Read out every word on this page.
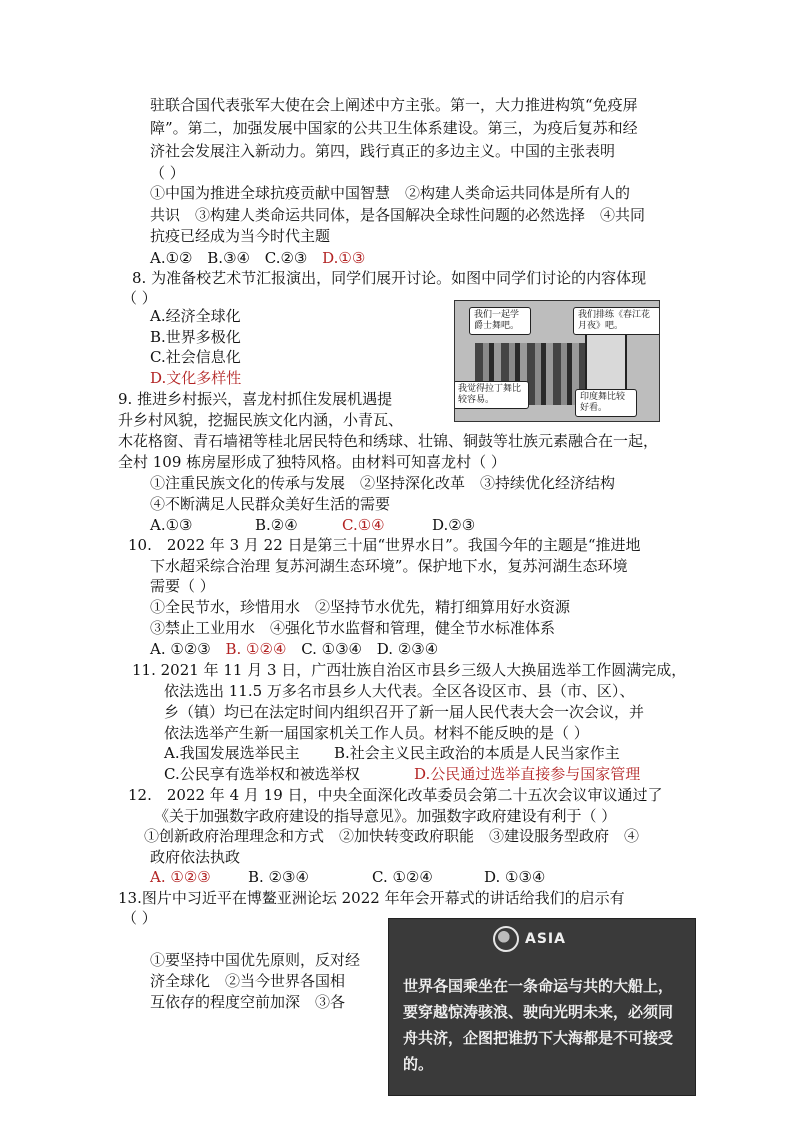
驻联合国代表张军大使在会上阐述中方主张。第一，大力推进构筑“免疫屏
障”。第二，加强发展中国家的公共卫生体系建设。第三，为疫后复苏和经
济社会发展注入新动力。第四，践行真正的多边主义。中国的主张表明
（ ）
①中国为推进全球抗疫贡献中国智慧　②构建人类命运共同体是所有人的
共识　③构建人类命运共同体，是各国解决全球性问题的必然选择　④共同
抗疫已经成为当今时代主题
A.①② B.③④ C.②③ D.①③
8. 为准备校艺术节汇报演出，同学们展开讨论。如图中同学们讨论的内容体现
（ ）
A.经济全球化
B.世界多极化
C.社会信息化
D.文化多样性
我们一起学爵士舞吧。
我们排练《春江花月夜》吧。
我觉得拉丁舞比较容易。	印度舞比较好看。
9. 推进乡村振兴，喜龙村抓住发展机遇提
升乡村风貌，挖掘民族文化内涵，小青瓦、
木花格窗、青石墙裙等桂北居民特色和绣球、壮锦、铜鼓等壮族元素融合在一起，
全村 109 栋房屋形成了独特风格。由材料可知喜龙村（ ）
①注重民族文化的传承与发展　②坚持深化改革　③持续优化经济结构
④不断满足人民群众美好生活的需要
A.①③	B.②④	C.①④	D.②③
10.　2022 年 3 月 22 日是第三十届“世界水日”。我国今年的主题是“推进地
下水超采综合治理 复苏河湖生态环境”。保护地下水，复苏河湖生态环境
需要（ ）
①全民节水，珍惜用水　②坚持节水优先，精打细算用好水资源
③禁止工业用水　④强化节水监督和管理，健全节水标准体系
A. ①②③ B. ①②④ C. ①③④ D. ②③④
11. 2021 年 11 月 3 日，广西壮族自治区市县乡三级人大换届选举工作圆满完成，
依法选出 11.5 万多名市县乡人大代表。全区各设区市、县（市、区）、
乡（镇）均已在法定时间内组织召开了新一届人民代表大会一次会议，并
依法选举产生新一届国家机关工作人员。材料不能反映的是（ ）
A.我国发展选举民主 B.社会主义民主政治的本质是人民当家作主
C.公民享有选举权和被选举权	D.公民通过选举直接参与国家管理
12.　2022 年 4 月 19 日，中央全面深化改革委员会第二十五次会议审议通过了
《关于加强数字政府建设的指导意见》。加强数字政府建设有利于（ ）
①创新政府治理理念和方式　②加快转变政府职能　③建设服务型政府　④
政府依法执政
A. ①②③ B. ②③④	C. ①②④	D. ①③④
13.图片中习近平在博鳌亚洲论坛 2022 年年会开幕式的讲话给我们的启示有
（ ）
①要坚持中国优先原则，反对经
济全球化　②当今世界各国相
互依存的程度空前加深　③各
ASIA
世界各国乘坐在一条命运与共的大船上，要穿越惊涛骇浪、驶向光明未来，必须同舟共济，企图把谁扔下大海都是不可接受的。
